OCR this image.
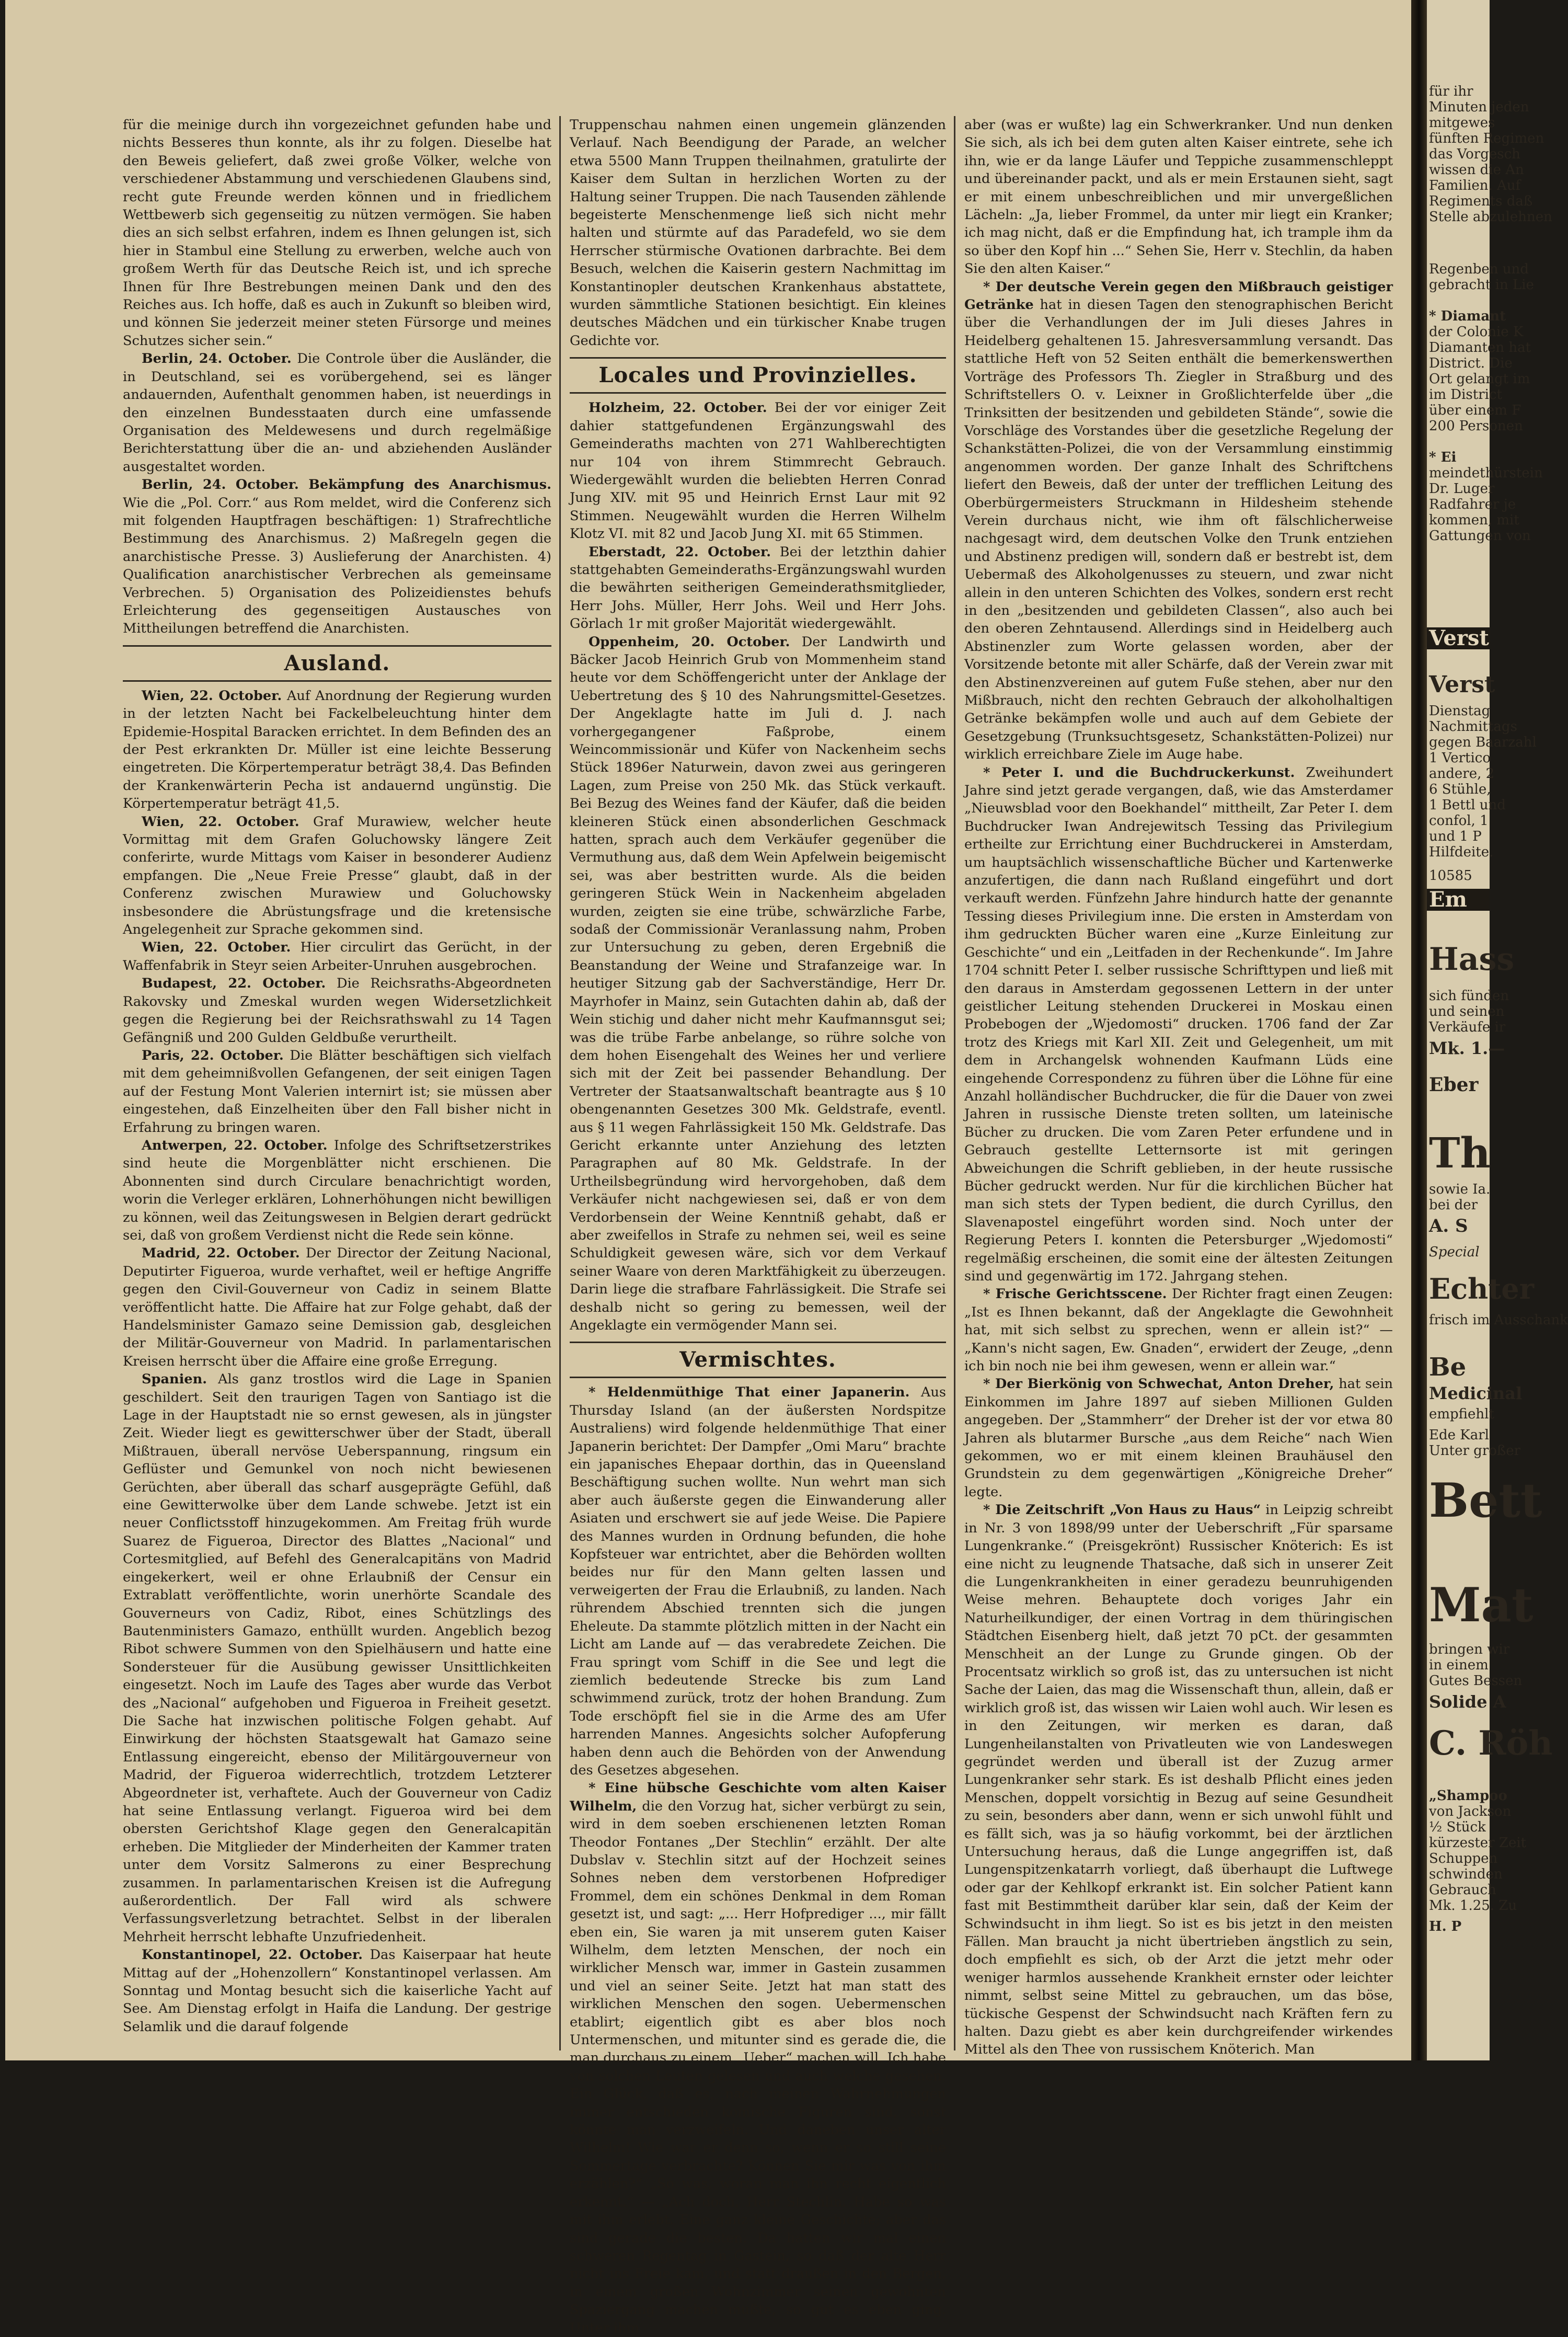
für die meinige durch ihn vorgezeichnet gefunden habe und nichts Besseres thun konnte, als ihr zu folgen. Dieselbe hat den Beweis geliefert, daß zwei große Völker, welche von verschiedener Abstammung und verschiedenen Glaubens sind, recht gute Freunde werden können und in friedlichem Wettbewerb sich gegenseitig zu nützen vermögen. Sie haben dies an sich selbst erfahren, indem es Ihnen gelungen ist, sich hier in Stambul eine Stellung zu erwerben, welche auch von großem Werth für das Deutsche Reich ist, und ich spreche Ihnen für Ihre Bestrebungen meinen Dank und den des Reiches aus. Ich hoffe, daß es auch in Zukunft so bleiben wird, und können Sie jederzeit meiner steten Fürsorge und meines Schutzes sicher sein.“

Berlin, 24. October. Die Controle über die Ausländer, die in Deutschland, sei es vorübergehend, sei es länger andauernden, Aufenthalt genommen haben, ist neuerdings in den einzelnen Bundesstaaten durch eine umfassende Organisation des Meldewesens und durch regelmäßige Berichterstattung über die an- und abziehenden Ausländer ausgestaltet worden.

Berlin, 24. October. Bekämpfung des Anarchismus. Wie die „Pol. Corr.“ aus Rom meldet, wird die Conferenz sich mit folgenden Hauptfragen beschäftigen: 1) Strafrechtliche Bestimmung des Anarchismus. 2) Maßregeln gegen die anarchistische Presse. 3) Auslieferung der Anarchisten. 4) Qualification anarchistischer Verbrechen als gemeinsame Verbrechen. 5) Organisation des Polizeidienstes behufs Erleichterung des gegenseitigen Austausches von Mittheilungen betreffend die Anarchisten.

Ausland.

Wien, 22. October. Auf Anordnung der Regierung wurden in der letzten Nacht bei Fackelbeleuchtung hinter dem Epidemie-Hospital Baracken errichtet. In dem Befinden des an der Pest erkrankten Dr. Müller ist eine leichte Besserung eingetreten. Die Körpertemperatur beträgt 38,4. Das Befinden der Krankenwärterin Pecha ist andauernd ungünstig. Die Körpertemperatur beträgt 41,5.

Wien, 22. October. Graf Murawiew, welcher heute Vormittag mit dem Grafen Goluchowsky längere Zeit conferirte, wurde Mittags vom Kaiser in besonderer Audienz empfangen. Die „Neue Freie Presse“ glaubt, daß in der Conferenz zwischen Murawiew und Goluchowsky insbesondere die Abrüstungsfrage und die kretensische Angelegenheit zur Sprache gekommen sind.

Wien, 22. October. Hier circulirt das Gerücht, in der Waffenfabrik in Steyr seien Arbeiter-Unruhen ausgebrochen.

Budapest, 22. October. Die Reichsraths-Abgeordneten Rakovsky und Zmeskal wurden wegen Widersetzlichkeit gegen die Regierung bei der Reichsrathswahl zu 14 Tagen Gefängniß und 200 Gulden Geldbuße verurtheilt.

Paris, 22. October. Die Blätter beschäftigen sich vielfach mit dem geheimnißvollen Gefangenen, der seit einigen Tagen auf der Festung Mont Valerien internirt ist; sie müssen aber eingestehen, daß Einzelheiten über den Fall bisher nicht in Erfahrung zu bringen waren.

Antwerpen, 22. October. Infolge des Schriftsetzerstrikes sind heute die Morgenblätter nicht erschienen. Die Abonnenten sind durch Circulare benachrichtigt worden, worin die Verleger erklären, Lohnerhöhungen nicht bewilligen zu können, weil das Zeitungswesen in Belgien derart gedrückt sei, daß von großem Verdienst nicht die Rede sein könne.

Madrid, 22. October. Der Director der Zeitung Nacional, Deputirter Figueroa, wurde verhaftet, weil er heftige Angriffe gegen den Civil-Gouverneur von Cadiz in seinem Blatte veröffentlicht hatte. Die Affaire hat zur Folge gehabt, daß der Handelsminister Gamazo seine Demission gab, desgleichen der Militär-Gouverneur von Madrid. In parlamentarischen Kreisen herrscht über die Affaire eine große Erregung.

Spanien. Als ganz trostlos wird die Lage in Spanien geschildert. Seit den traurigen Tagen von Santiago ist die Lage in der Hauptstadt nie so ernst gewesen, als in jüngster Zeit. Wieder liegt es gewitterschwer über der Stadt, überall Mißtrauen, überall nervöse Ueberspannung, ringsum ein Geflüster und Gemunkel von noch nicht bewiesenen Gerüchten, aber überall das scharf ausgeprägte Gefühl, daß eine Gewitterwolke über dem Lande schwebe. Jetzt ist ein neuer Conflictsstoff hinzugekommen. Am Freitag früh wurde Suarez de Figueroa, Director des Blattes „Nacional“ und Cortesmitglied, auf Befehl des Generalcapitäns von Madrid eingekerkert, weil er ohne Erlaubniß der Censur ein Extrablatt veröffentlichte, worin unerhörte Scandale des Gouverneurs von Cadiz, Ribot, eines Schützlings des Bautenministers Gamazo, enthüllt wurden. Angeblich bezog Ribot schwere Summen von den Spielhäusern und hatte eine Sondersteuer für die Ausübung gewisser Unsittlichkeiten eingesetzt. Noch im Laufe des Tages aber wurde das Verbot des „Nacional“ aufgehoben und Figueroa in Freiheit gesetzt. Die Sache hat inzwischen politische Folgen gehabt. Auf Einwirkung der höchsten Staatsgewalt hat Gamazo seine Entlassung eingereicht, ebenso der Militärgouverneur von Madrid, der Figueroa widerrechtlich, trotzdem Letzterer Abgeordneter ist, verhaftete. Auch der Gouverneur von Cadiz hat seine Entlassung verlangt. Figueroa wird bei dem obersten Gerichtshof Klage gegen den Generalcapitän erheben. Die Mitglieder der Minderheiten der Kammer traten unter dem Vorsitz Salmerons zu einer Besprechung zusammen. In parlamentarischen Kreisen ist die Aufregung außerordentlich. Der Fall wird als schwere Verfassungsverletzung betrachtet. Selbst in der liberalen Mehrheit herrscht lebhafte Unzufriedenheit.

Konstantinopel, 22. October. Das Kaiserpaar hat heute Mittag auf der „Hohenzollern“ Konstantinopel verlassen. Am Sonntag und Montag besucht sich die kaiserliche Yacht auf See. Am Dienstag erfolgt in Haifa die Landung. Der gestrige Selamlik und die darauf folgende

Truppenschau nahmen einen ungemein glänzenden Verlauf. Nach Beendigung der Parade, an welcher etwa 5500 Mann Truppen theilnahmen, gratulirte der Kaiser dem Sultan in herzlichen Worten zu der Haltung seiner Truppen. Die nach Tausenden zählende begeisterte Menschenmenge ließ sich nicht mehr halten und stürmte auf das Paradefeld, wo sie dem Herrscher stürmische Ovationen darbrachte. Bei dem Besuch, welchen die Kaiserin gestern Nachmittag im Konstantinopler deutschen Krankenhaus abstattete, wurden sämmtliche Stationen besichtigt. Ein kleines deutsches Mädchen und ein türkischer Knabe trugen Gedichte vor.

Locales und Provinzielles.

Holzheim, 22. October. Bei der vor einiger Zeit dahier stattgefundenen Ergänzungswahl des Gemeinderaths machten von 271 Wahlberechtigten nur 104 von ihrem Stimmrecht Gebrauch. Wiedergewählt wurden die beliebten Herren Conrad Jung XIV. mit 95 und Heinrich Ernst Laur mit 92 Stimmen. Neugewählt wurden die Herren Wilhelm Klotz VI. mit 82 und Jacob Jung XI. mit 65 Stimmen.

Eberstadt, 22. October. Bei der letzthin dahier stattgehabten Gemeinderaths-Ergänzungswahl wurden die bewährten seitherigen Gemeinderathsmitglieder, Herr Johs. Müller, Herr Johs. Weil und Herr Johs. Görlach 1r mit großer Majorität wiedergewählt.

Oppenheim, 20. October. Der Landwirth und Bäcker Jacob Heinrich Grub von Mommenheim stand heute vor dem Schöffengericht unter der Anklage der Uebertretung des § 10 des Nahrungsmittel-Gesetzes. Der Angeklagte hatte im Juli d. J. nach vorhergegangener Faßprobe, einem Weincommissionär und Küfer von Nackenheim sechs Stück 1896er Naturwein, davon zwei aus geringeren Lagen, zum Preise von 250 Mk. das Stück verkauft. Bei Bezug des Weines fand der Käufer, daß die beiden kleineren Stück einen absonderlichen Geschmack hatten, sprach auch dem Verkäufer gegenüber die Vermuthung aus, daß dem Wein Apfelwein beigemischt sei, was aber bestritten wurde. Als die beiden geringeren Stück Wein in Nackenheim abgeladen wurden, zeigten sie eine trübe, schwärzliche Farbe, sodaß der Commissionär Veranlassung nahm, Proben zur Untersuchung zu geben, deren Ergebniß die Beanstandung der Weine und Strafanzeige war. In heutiger Sitzung gab der Sachverständige, Herr Dr. Mayrhofer in Mainz, sein Gutachten dahin ab, daß der Wein stichig und daher nicht mehr Kaufmannsgut sei; was die trübe Farbe anbelange, so rühre solche von dem hohen Eisengehalt des Weines her und verliere sich mit der Zeit bei passender Behandlung. Der Vertreter der Staatsanwaltschaft beantragte aus § 10 obengenannten Gesetzes 300 Mk. Geldstrafe, eventl. aus § 11 wegen Fahrlässigkeit 150 Mk. Geldstrafe. Das Gericht erkannte unter Anziehung des letzten Paragraphen auf 80 Mk. Geldstrafe. In der Urtheilsbegründung wird hervorgehoben, daß dem Verkäufer nicht nachgewiesen sei, daß er von dem Verdorbensein der Weine Kenntniß gehabt, daß er aber zweifellos in Strafe zu nehmen sei, weil es seine Schuldigkeit gewesen wäre, sich vor dem Verkauf seiner Waare von deren Marktfähigkeit zu überzeugen. Darin liege die strafbare Fahrlässigkeit. Die Strafe sei deshalb nicht so gering zu bemessen, weil der Angeklagte ein vermögender Mann sei.

Vermischtes.

* Heldenmüthige That einer Japanerin. Aus Thursday Island (an der äußersten Nordspitze Australiens) wird folgende heldenmüthige That einer Japanerin berichtet: Der Dampfer „Omi Maru“ brachte ein japanisches Ehepaar dorthin, das in Queensland Beschäftigung suchen wollte. Nun wehrt man sich aber auch äußerste gegen die Einwanderung aller Asiaten und erschwert sie auf jede Weise. Die Papiere des Mannes wurden in Ordnung befunden, die hohe Kopfsteuer war entrichtet, aber die Behörden wollten beides nur für den Mann gelten lassen und verweigerten der Frau die Erlaubniß, zu landen. Nach rührendem Abschied trennten sich die jungen Eheleute. Da stammte plötzlich mitten in der Nacht ein Licht am Lande auf — das verabredete Zeichen. Die Frau springt vom Schiff in die See und legt die ziemlich bedeutende Strecke bis zum Land schwimmend zurück, trotz der hohen Brandung. Zum Tode erschöpft fiel sie in die Arme des am Ufer harrenden Mannes. Angesichts solcher Aufopferung haben denn auch die Behörden von der Anwendung des Gesetzes abgesehen.

* Eine hübsche Geschichte vom alten Kaiser Wilhelm, die den Vorzug hat, sicher verbürgt zu sein, wird in dem soeben erschienenen letzten Roman Theodor Fontanes „Der Stechlin“ erzählt. Der alte Dubslav v. Stechlin sitzt auf der Hochzeit seines Sohnes neben dem verstorbenen Hofprediger Frommel, dem ein schönes Denkmal in dem Roman gesetzt ist, und sagt: „... Herr Hofprediger ..., mir fällt eben ein, Sie waren ja mit unserem guten Kaiser Wilhelm, dem letzten Menschen, der noch ein wirklicher Mensch war, immer in Gastein zusammen und viel an seiner Seite. Jetzt hat man statt des wirklichen Menschen den sogen. Uebermenschen etablirt; eigentlich gibt es aber blos noch Untermenschen, und mitunter sind es gerade die, die man durchaus zu einem „Ueber“ machen will. Ich habe von solchen Leuten gelesen und auch welche gesehen. Ein Glück, daß es, nach meinen Wahrnehmungen immer entschieden komische Figuren sind, sonst könnte man verzweifeln. Und daneben unser alter Wilhelm! Wie war er denn so, wenn er so still seine Sommertage verbrachte? Können Sie mir was von ihm erzählen?“ „So was, woran man ihn recht eigentlich erkennt.“ — „Ach doch, Herr Stechlin. Habe so was mit ihm erlebt. Eine ganz kleine Geschichte; aber das sind gerade die besten. Da hatten wir mal einen schweren Regentag in Gastein, so daß der alte Herr nicht ins Freie kam, und statt draußen in den Bergen, in einem großen Wohnzimmer seinen gewohnten Spaziergang machen mußte, so gut es eben ging. Unter ihm

aber (was er wußte) lag ein Schwerkranker. Und nun denken Sie sich, als ich bei dem guten alten Kaiser eintrete, sehe ich ihn, wie er da lange Läufer und Teppiche zusammenschleppt und übereinander packt, und als er mein Erstaunen sieht, sagt er mit einem unbeschreiblichen und mir unvergeßlichen Lächeln: „Ja, lieber Frommel, da unter mir liegt ein Kranker; ich mag nicht, daß er die Empfindung hat, ich trample ihm da so über den Kopf hin ...“ Sehen Sie, Herr v. Stechlin, da haben Sie den alten Kaiser.“

* Der deutsche Verein gegen den Mißbrauch geistiger Getränke hat in diesen Tagen den stenographischen Bericht über die Verhandlungen der im Juli dieses Jahres in Heidelberg gehaltenen 15. Jahresversammlung versandt. Das stattliche Heft von 52 Seiten enthält die bemerkenswerthen Vorträge des Professors Th. Ziegler in Straßburg und des Schriftstellers O. v. Leixner in Großlichterfelde über „die Trinksitten der besitzenden und gebildeten Stände“, sowie die Vorschläge des Vorstandes über die gesetzliche Regelung der Schankstätten-Polizei, die von der Versammlung einstimmig angenommen worden. Der ganze Inhalt des Schriftchens liefert den Beweis, daß der unter der trefflichen Leitung des Oberbürgermeisters Struckmann in Hildesheim stehende Verein durchaus nicht, wie ihm oft fälschlicherweise nachgesagt wird, dem deutschen Volke den Trunk entziehen und Abstinenz predigen will, sondern daß er bestrebt ist, dem Uebermaß des Alkoholgenusses zu steuern, und zwar nicht allein in den unteren Schichten des Volkes, sondern erst recht in den „besitzenden und gebildeten Classen“, also auch bei den oberen Zehntausend. Allerdings sind in Heidelberg auch Abstinenzler zum Worte gelassen worden, aber der Vorsitzende betonte mit aller Schärfe, daß der Verein zwar mit den Abstinenzvereinen auf gutem Fuße stehen, aber nur den Mißbrauch, nicht den rechten Gebrauch der alkoholhaltigen Getränke bekämpfen wolle und auch auf dem Gebiete der Gesetzgebung (Trunksuchtsgesetz, Schankstätten-Polizei) nur wirklich erreichbare Ziele im Auge habe.

* Peter I. und die Buchdruckerkunst. Zweihundert Jahre sind jetzt gerade vergangen, daß, wie das Amsterdamer „Nieuwsblad voor den Boekhandel“ mittheilt, Zar Peter I. dem Buchdrucker Iwan Andrejewitsch Tessing das Privilegium ertheilte zur Errichtung einer Buchdruckerei in Amsterdam, um hauptsächlich wissenschaftliche Bücher und Kartenwerke anzufertigen, die dann nach Rußland eingeführt und dort verkauft werden. Fünfzehn Jahre hindurch hatte der genannte Tessing dieses Privilegium inne. Die ersten in Amsterdam von ihm gedruckten Bücher waren eine „Kurze Einleitung zur Geschichte“ und ein „Leitfaden in der Rechenkunde“. Im Jahre 1704 schnitt Peter I. selber russische Schrifttypen und ließ mit den daraus in Amsterdam gegossenen Lettern in der unter geistlicher Leitung stehenden Druckerei in Moskau einen Probebogen der „Wjedomosti“ drucken. 1706 fand der Zar trotz des Kriegs mit Karl XII. Zeit und Gelegenheit, um mit dem in Archangelsk wohnenden Kaufmann Lüds eine eingehende Correspondenz zu führen über die Löhne für eine Anzahl holländischer Buchdrucker, die für die Dauer von zwei Jahren in russische Dienste treten sollten, um lateinische Bücher zu drucken. Die vom Zaren Peter erfundene und in Gebrauch gestellte Letternsorte ist mit geringen Abweichungen die Schrift geblieben, in der heute russische Bücher gedruckt werden. Nur für die kirchlichen Bücher hat man sich stets der Typen bedient, die durch Cyrillus, den Slavenapostel eingeführt worden sind. Noch unter der Regierung Peters I. konnten die Petersburger „Wjedomosti“ regelmäßig erscheinen, die somit eine der ältesten Zeitungen sind und gegenwärtig im 172. Jahrgang stehen.

* Frische Gerichtsscene. Der Richter fragt einen Zeugen: „Ist es Ihnen bekannt, daß der Angeklagte die Gewohnheit hat, mit sich selbst zu sprechen, wenn er allein ist?“ — „Kann's nicht sagen, Ew. Gnaden“, erwidert der Zeuge, „denn ich bin noch nie bei ihm gewesen, wenn er allein war.“

* Der Bierkönig von Schwechat, Anton Dreher, hat sein Einkommen im Jahre 1897 auf sieben Millionen Gulden angegeben. Der „Stammherr“ der Dreher ist der vor etwa 80 Jahren als blutarmer Bursche „aus dem Reiche“ nach Wien gekommen, wo er mit einem kleinen Brauhäusel den Grundstein zu dem gegenwärtigen „Königreiche Dreher“ legte.

* Die Zeitschrift „Von Haus zu Haus“ in Leipzig schreibt in Nr. 3 von 1898/99 unter der Ueberschrift „Für sparsame Lungenkranke.“ (Preisgekrönt) Russischer Knöterich: Es ist eine nicht zu leugnende Thatsache, daß sich in unserer Zeit die Lungenkrankheiten in einer geradezu beunruhigenden Weise mehren. Behauptete doch voriges Jahr ein Naturheilkundiger, der einen Vortrag in dem thüringischen Städtchen Eisenberg hielt, daß jetzt 70 pCt. der gesammten Menschheit an der Lunge zu Grunde gingen. Ob der Procentsatz wirklich so groß ist, das zu untersuchen ist nicht Sache der Laien, das mag die Wissenschaft thun, allein, daß er wirklich groß ist, das wissen wir Laien wohl auch. Wir lesen es in den Zeitungen, wir merken es daran, daß Lungenheilanstalten von Privatleuten wie von Landeswegen gegründet werden und überall ist der Zuzug armer Lungenkranker sehr stark. Es ist deshalb Pflicht eines jeden Menschen, doppelt vorsichtig in Bezug auf seine Gesundheit zu sein, besonders aber dann, wenn er sich unwohl fühlt und es fällt sich, was ja so häufig vorkommt, bei der ärztlichen Untersuchung heraus, daß die Lunge angegriffen ist, daß Lungenspitzenkatarrh vorliegt, daß überhaupt die Luftwege oder gar der Kehlkopf erkrankt ist. Ein solcher Patient kann fast mit Bestimmtheit darüber klar sein, daß der Keim der Schwindsucht in ihm liegt. So ist es bis jetzt in den meisten Fällen. Man braucht ja nicht übertrieben ängstlich zu sein, doch empfiehlt es sich, ob der Arzt die jetzt mehr oder weniger harmlos aussehende Krankheit ernster oder leichter nimmt, selbst seine Mittel zu gebrauchen, um das böse, tückische Gespenst der Schwindsucht nach Kräften fern zu halten. Dazu giebt es aber kein durchgreifender wirkendes Mittel als den Thee von russischem Knöterich. Man

für ihr
Minuten jeden
mitgewes
fünften Regimen
das Vorgesch
wissen die An
Familien. Auf
Regiments daß
Stelle abzulehnen
Regenben und
gebracht in Lie
* Diamant
der Colonie K
Diamanten hat
District. Die
Ort gelangt im
im District
über einem F
200 Personen
* Ei
meindethürstein
Dr. Luger
Radfahrer je
kommen, mit
Gattungen von
Verst
Verst
Dienstag
Nachmittags
gegen Baarzahl
1 Vertico
andere, 2
6 Stühle,
1 Bettl und
confol, 1
und 1 P
Hilfdeite.
10585
Em
Hass
sich fünden
und seinen
Verkäufe ir
Mk. 1.—
Eber
Th
sowie Ia.
bei der
A. S
Special
Echter
frisch im Ausschank
Be
Medicinal
empfiehlt
Ede Karl
Unter großer
Bett
Mat
bringen wir
in einem
Gutes Bessen
Solide A
C. Röh
„Shampoo
von Jackson
½ Stück
kürzester Zeit
Schuppen
schwinden
Gebrauch
Mk. 1.25. Zu
H. P
